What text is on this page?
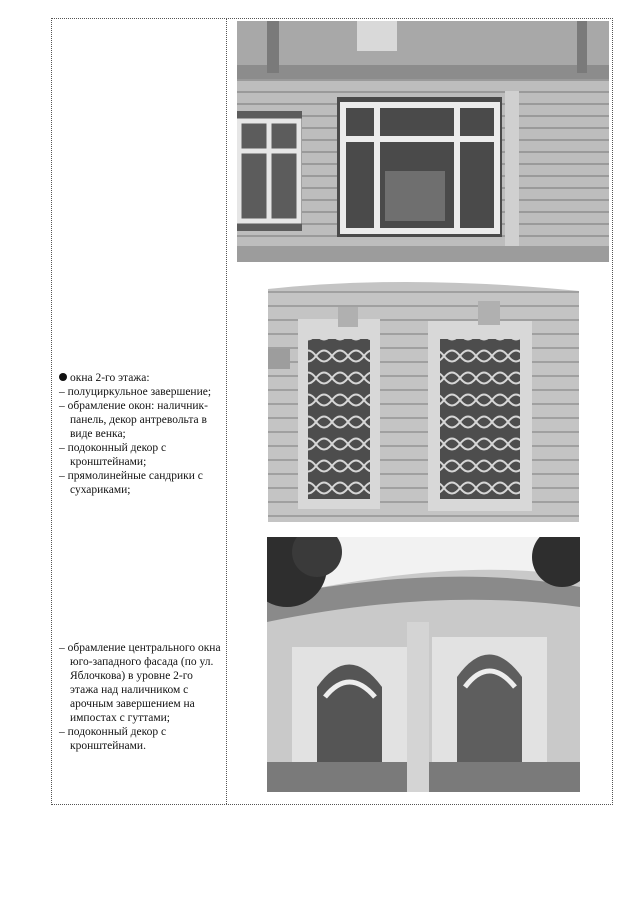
окна 2-го этажа:

– полуциркульное завершение;
– обрамление окон: наличник-панель, декор антревольта в виде венка;
– подоконный декор с кронштейнами;
– прямолинейные сандрики с сухариками;
– обрамление центрального окна юго-западного фасада (по ул. Яблочкова) в уровне 2-го этажа над наличником с арочным завершением на импостах с гуттами;
– подоконный декор с кронштейнами.
